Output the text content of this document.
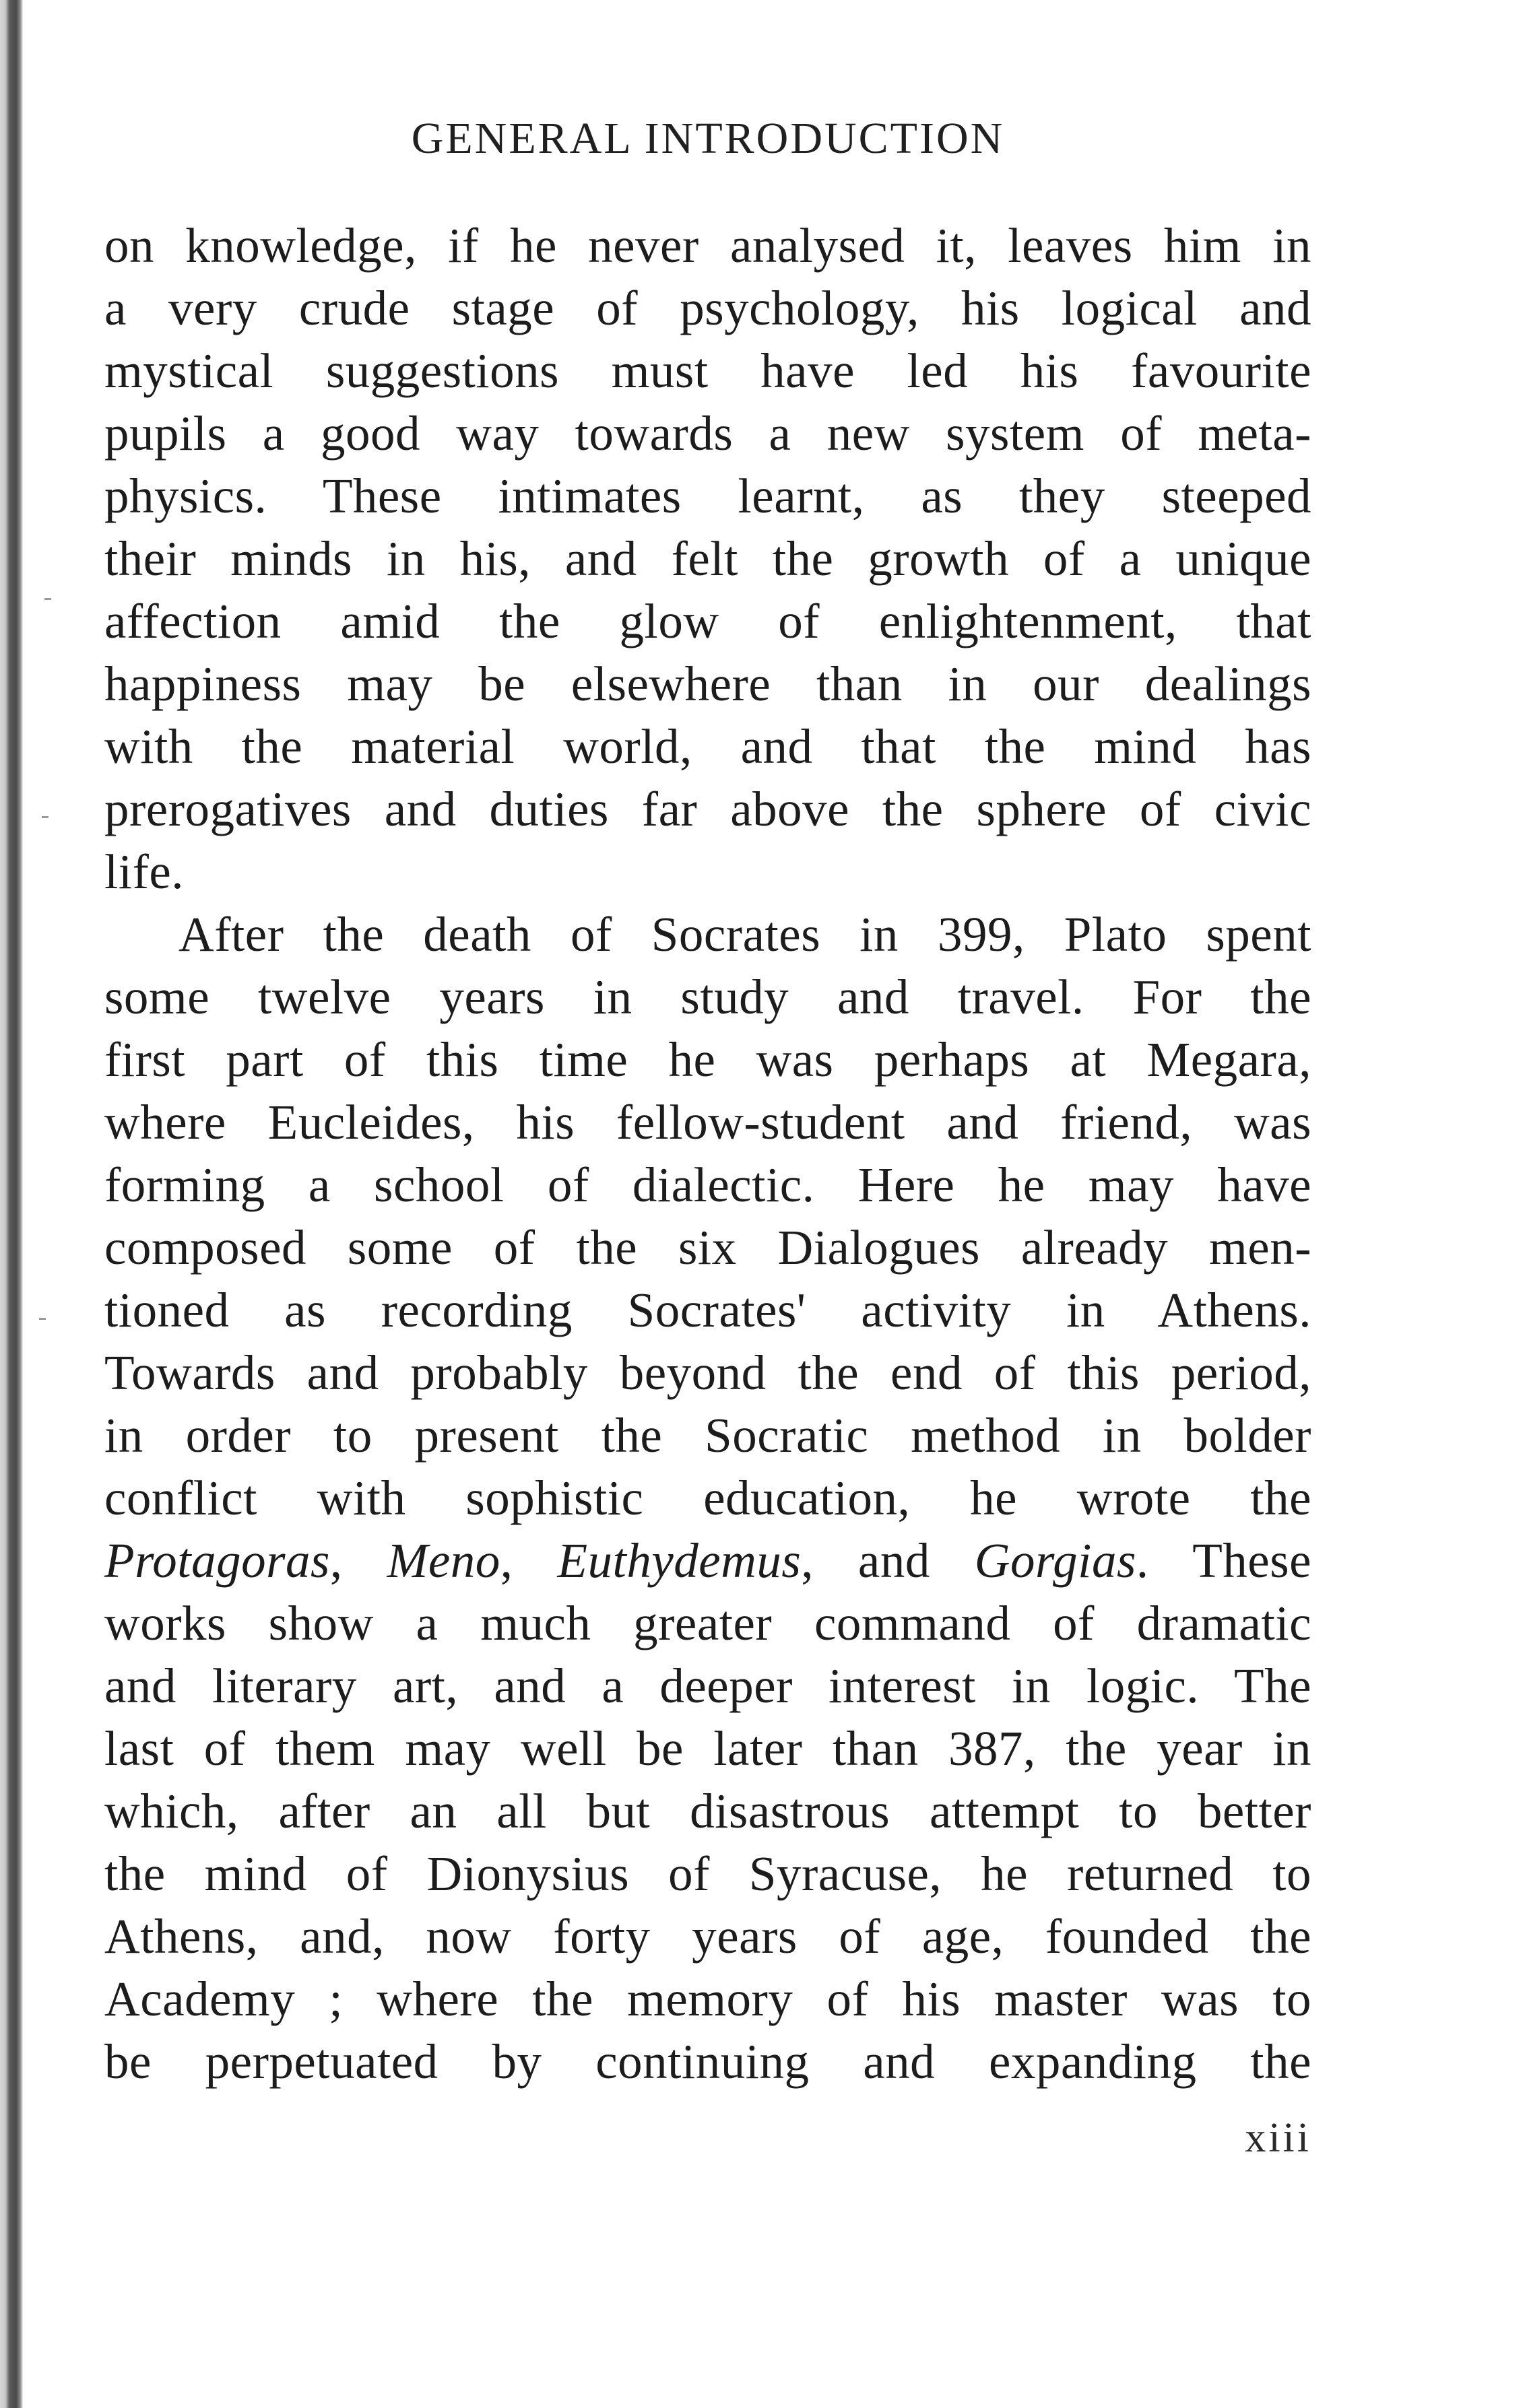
GENERAL INTRODUCTION
on knowledge, if he never analysed it, leaves him in
a very crude stage of psychology, his logical and
mystical suggestions must have led his favourite
pupils a good way towards a new system of meta-
physics. These intimates learnt, as they steeped
their minds in his, and felt the growth of a unique
affection amid the glow of enlightenment, that
happiness may be elsewhere than in our dealings
with the material world, and that the mind has
prerogatives and duties far above the sphere of civic
life.
After the death of Socrates in 399, Plato spent
some twelve years in study and travel. For the
first part of this time he was perhaps at Megara,
where Eucleides, his fellow-student and friend, was
forming a school of dialectic. Here he may have
composed some of the six Dialogues already men-
tioned as recording Socrates' activity in Athens.
Towards and probably beyond the end of this period,
in order to present the Socratic method in bolder
conflict with sophistic education, he wrote the
Protagoras, Meno, Euthydemus, and Gorgias. These
works show a much greater command of dramatic
and literary art, and a deeper interest in logic. The
last of them may well be later than 387, the year in
which, after an all but disastrous attempt to better
the mind of Dionysius of Syracuse, he returned to
Athens, and, now forty years of age, founded the
Academy ; where the memory of his master was to
be perpetuated by continuing and expanding the
xiii
